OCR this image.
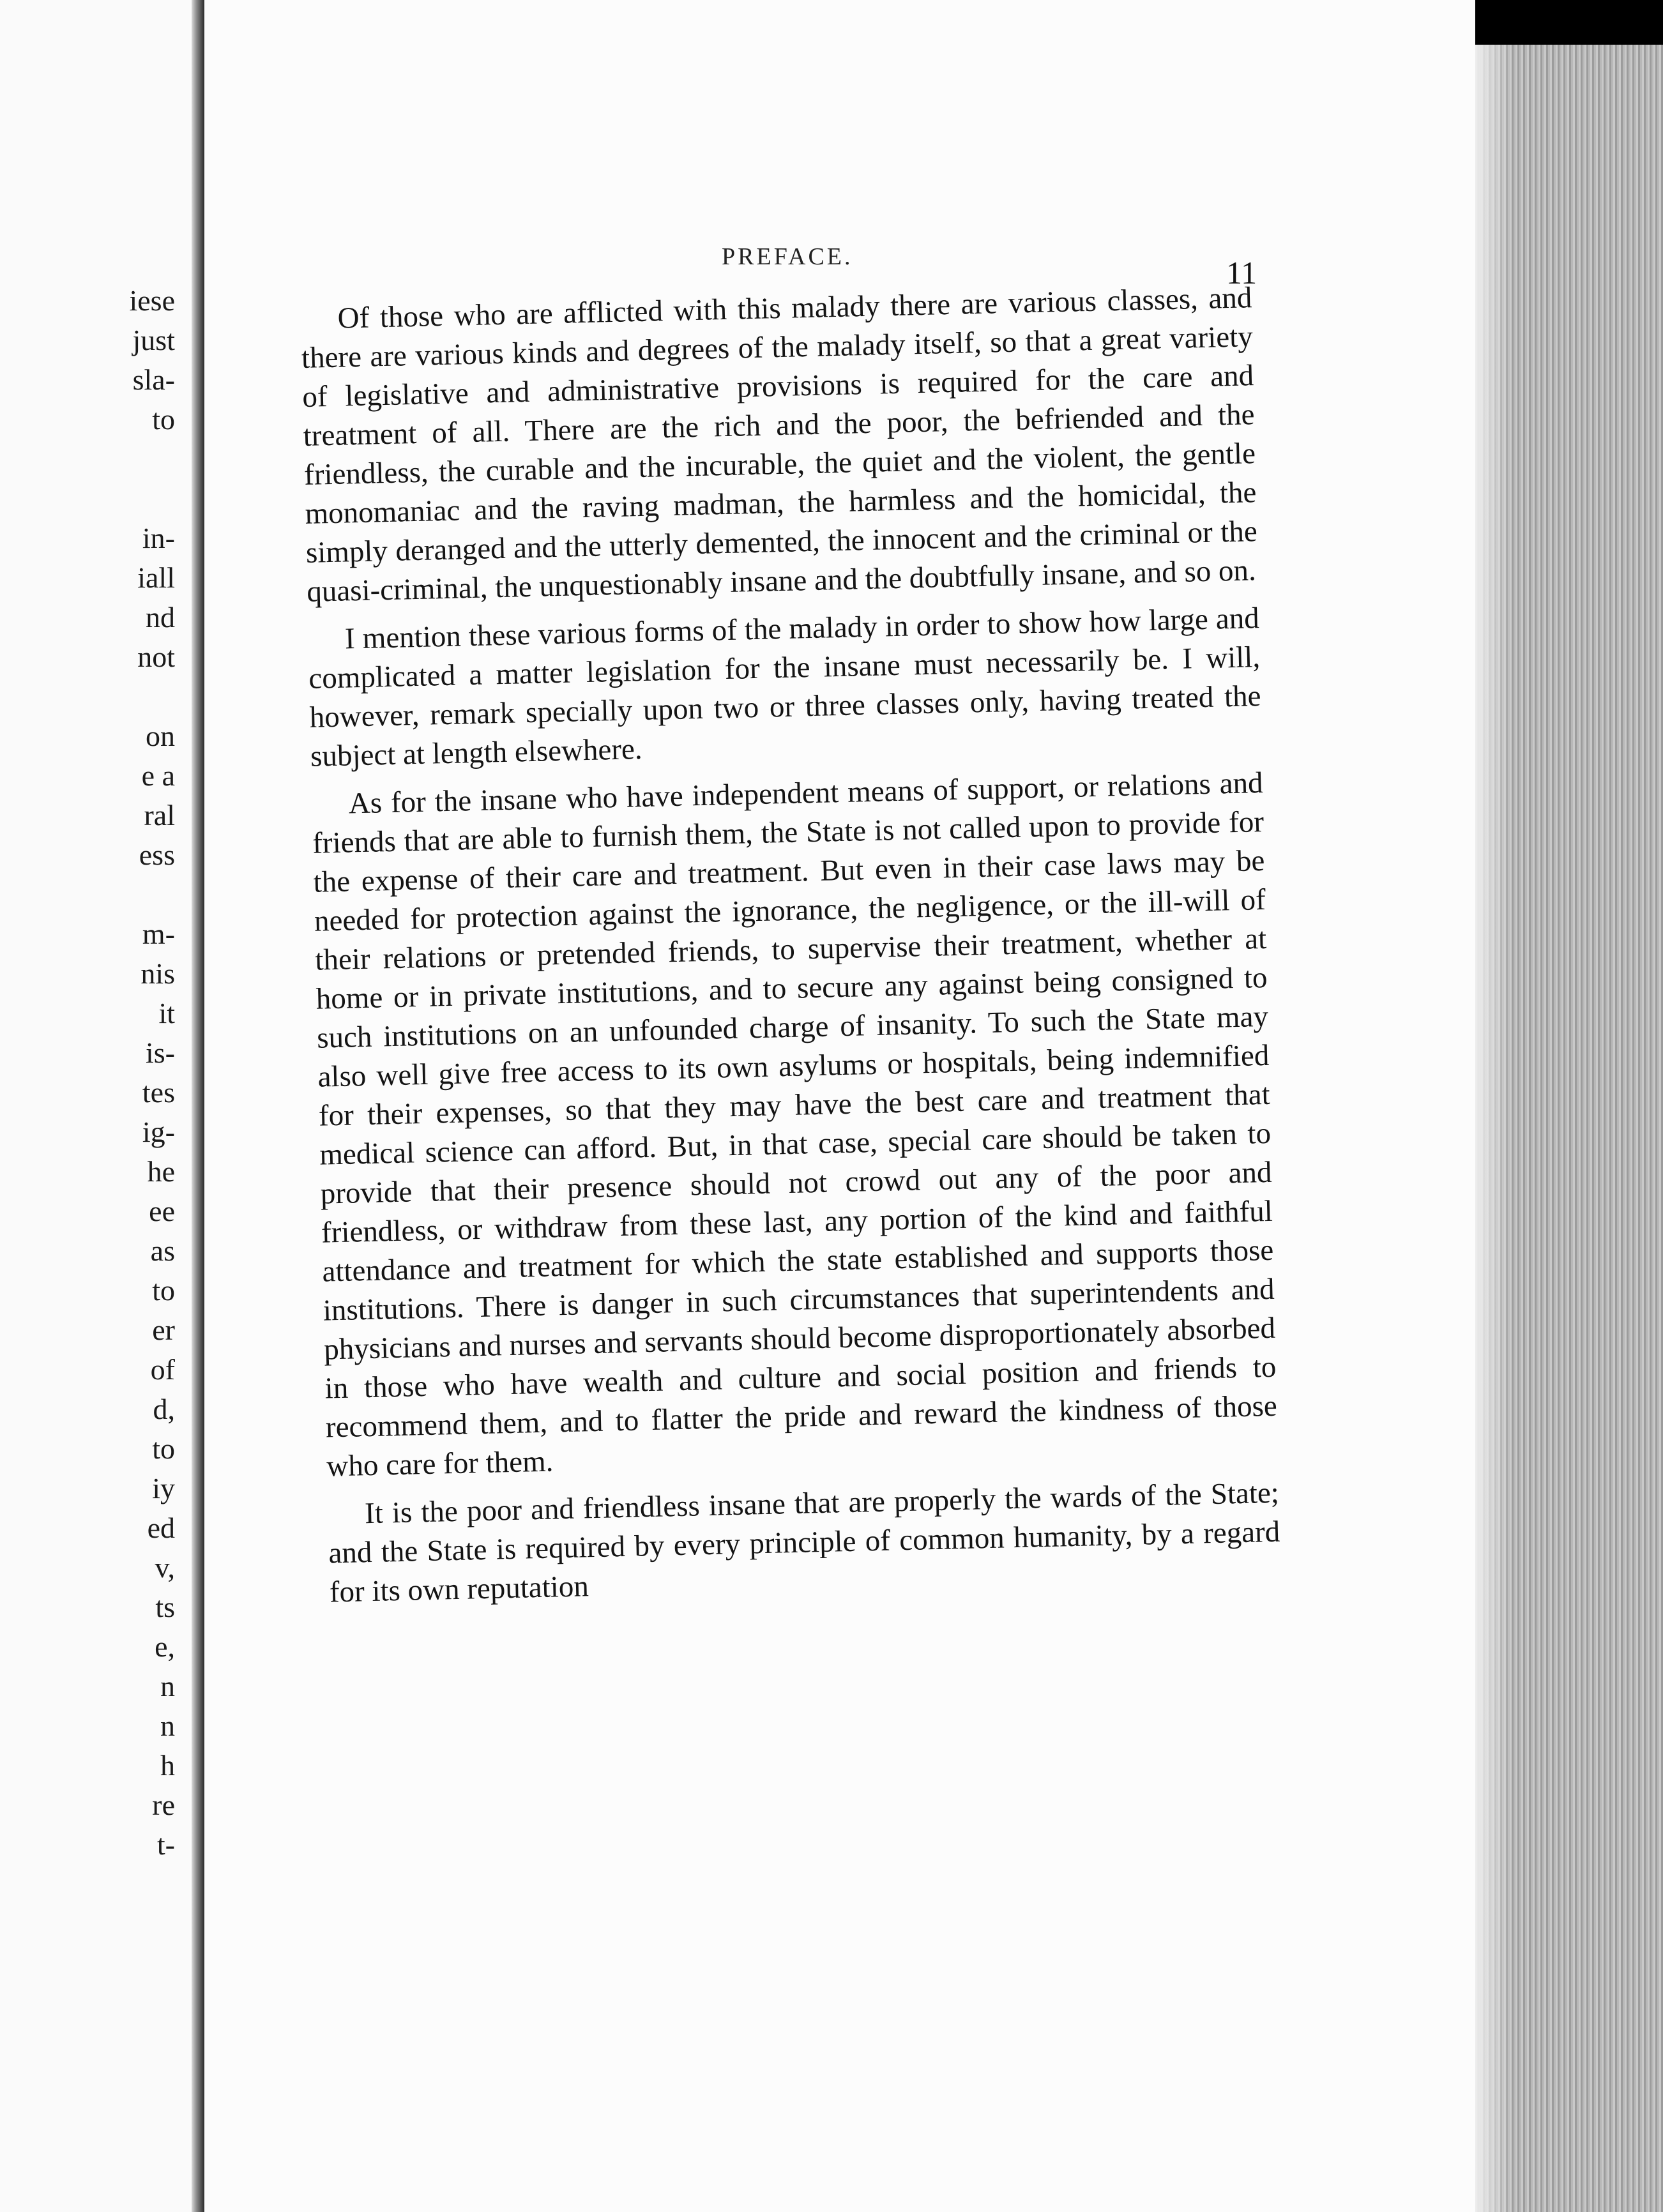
iese
just
sla-
to
in-
iall
nd
not
on
e a
ral
ess
m-
nis
it
is-
tes
ig-
he
ee
as
to
er
of
d,
to
iy
ed
v,
ts
e,
n
n
h
re
t-
PREFACE.	11

Of those who are afflicted with this malady there are various classes, and there are various kinds and degrees of the malady itself, so that a great variety of legislative and administrative provisions is required for the care and treatment of all. There are the rich and the poor, the befriended and the friendless, the curable and the incurable, the quiet and the violent, the gentle monomaniac and the raving madman, the harmless and the homicidal, the simply deranged and the utterly demented, the innocent and the criminal or the quasi-criminal, the unquestionably insane and the doubtfully insane, and so on.

I mention these various forms of the malady in order to show how large and complicated a matter legislation for the insane must necessarily be. I will, however, remark specially upon two or three classes only, having treated the subject at length elsewhere.

As for the insane who have independent means of support, or relations and friends that are able to furnish them, the State is not called upon to provide for the expense of their care and treatment. But even in their case laws may be needed for protection against the ignorance, the negligence, or the ill-will of their relations or pretended friends, to supervise their treatment, whether at home or in private institutions, and to secure any against being consigned to such institutions on an unfounded charge of insanity. To such the State may also well give free access to its own asylums or hospitals, being indemnified for their expenses, so that they may have the best care and treatment that medical science can afford. But, in that case, special care should be taken to provide that their presence should not crowd out any of the poor and friendless, or withdraw from these last, any portion of the kind and faithful attendance and treatment for which the state established and supports those institutions. There is danger in such circumstances that superintendents and physicians and nurses and servants should become disproportionately absorbed in those who have wealth and culture and social position and friends to recommend them, and to flatter the pride and reward the kindness of those who care for them.

It is the poor and friendless insane that are properly the wards of the State; and the State is required by every principle of common humanity, by a regard for its own reputation
